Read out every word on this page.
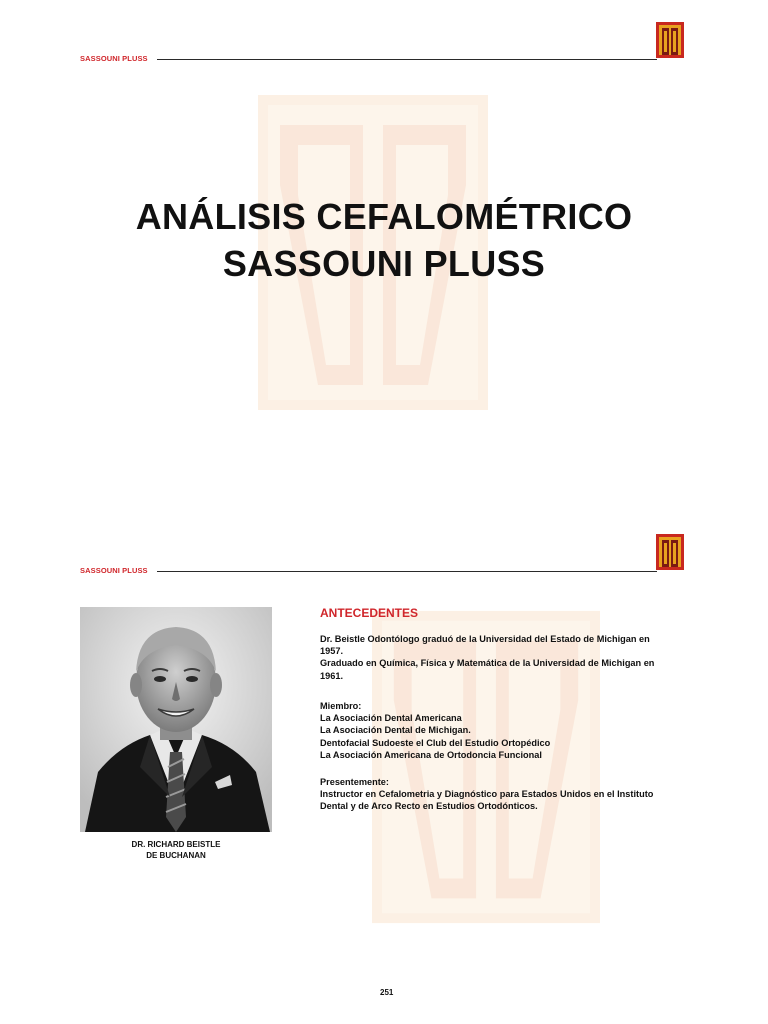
SASSOUNI PLUSS
ANÁLISIS CEFALOMÉTRICO
SASSOUNI PLUSS
SASSOUNI PLUSS
DR. RICHARD BEISTLE
DE BUCHANAN
ANTECEDENTES
Dr. Beistle Odontólogo graduó de la Universidad del Estado de Michigan en
1957.
Graduado en Química, Física y Matemática de la Universidad de Michigan en
1961.
Miembro:
La Asociación Dental Americana
La Asociación Dental de Michigan.
Dentofacial Sudoeste el Club del Estudio Ortopédico
La Asociación Americana de Ortodoncia Funcional
Presentemente:
Instructor en Cefalometria y Diagnóstico para Estados Unidos en el Instituto
Dental y de Arco Recto en Estudios Ortodónticos.
251
